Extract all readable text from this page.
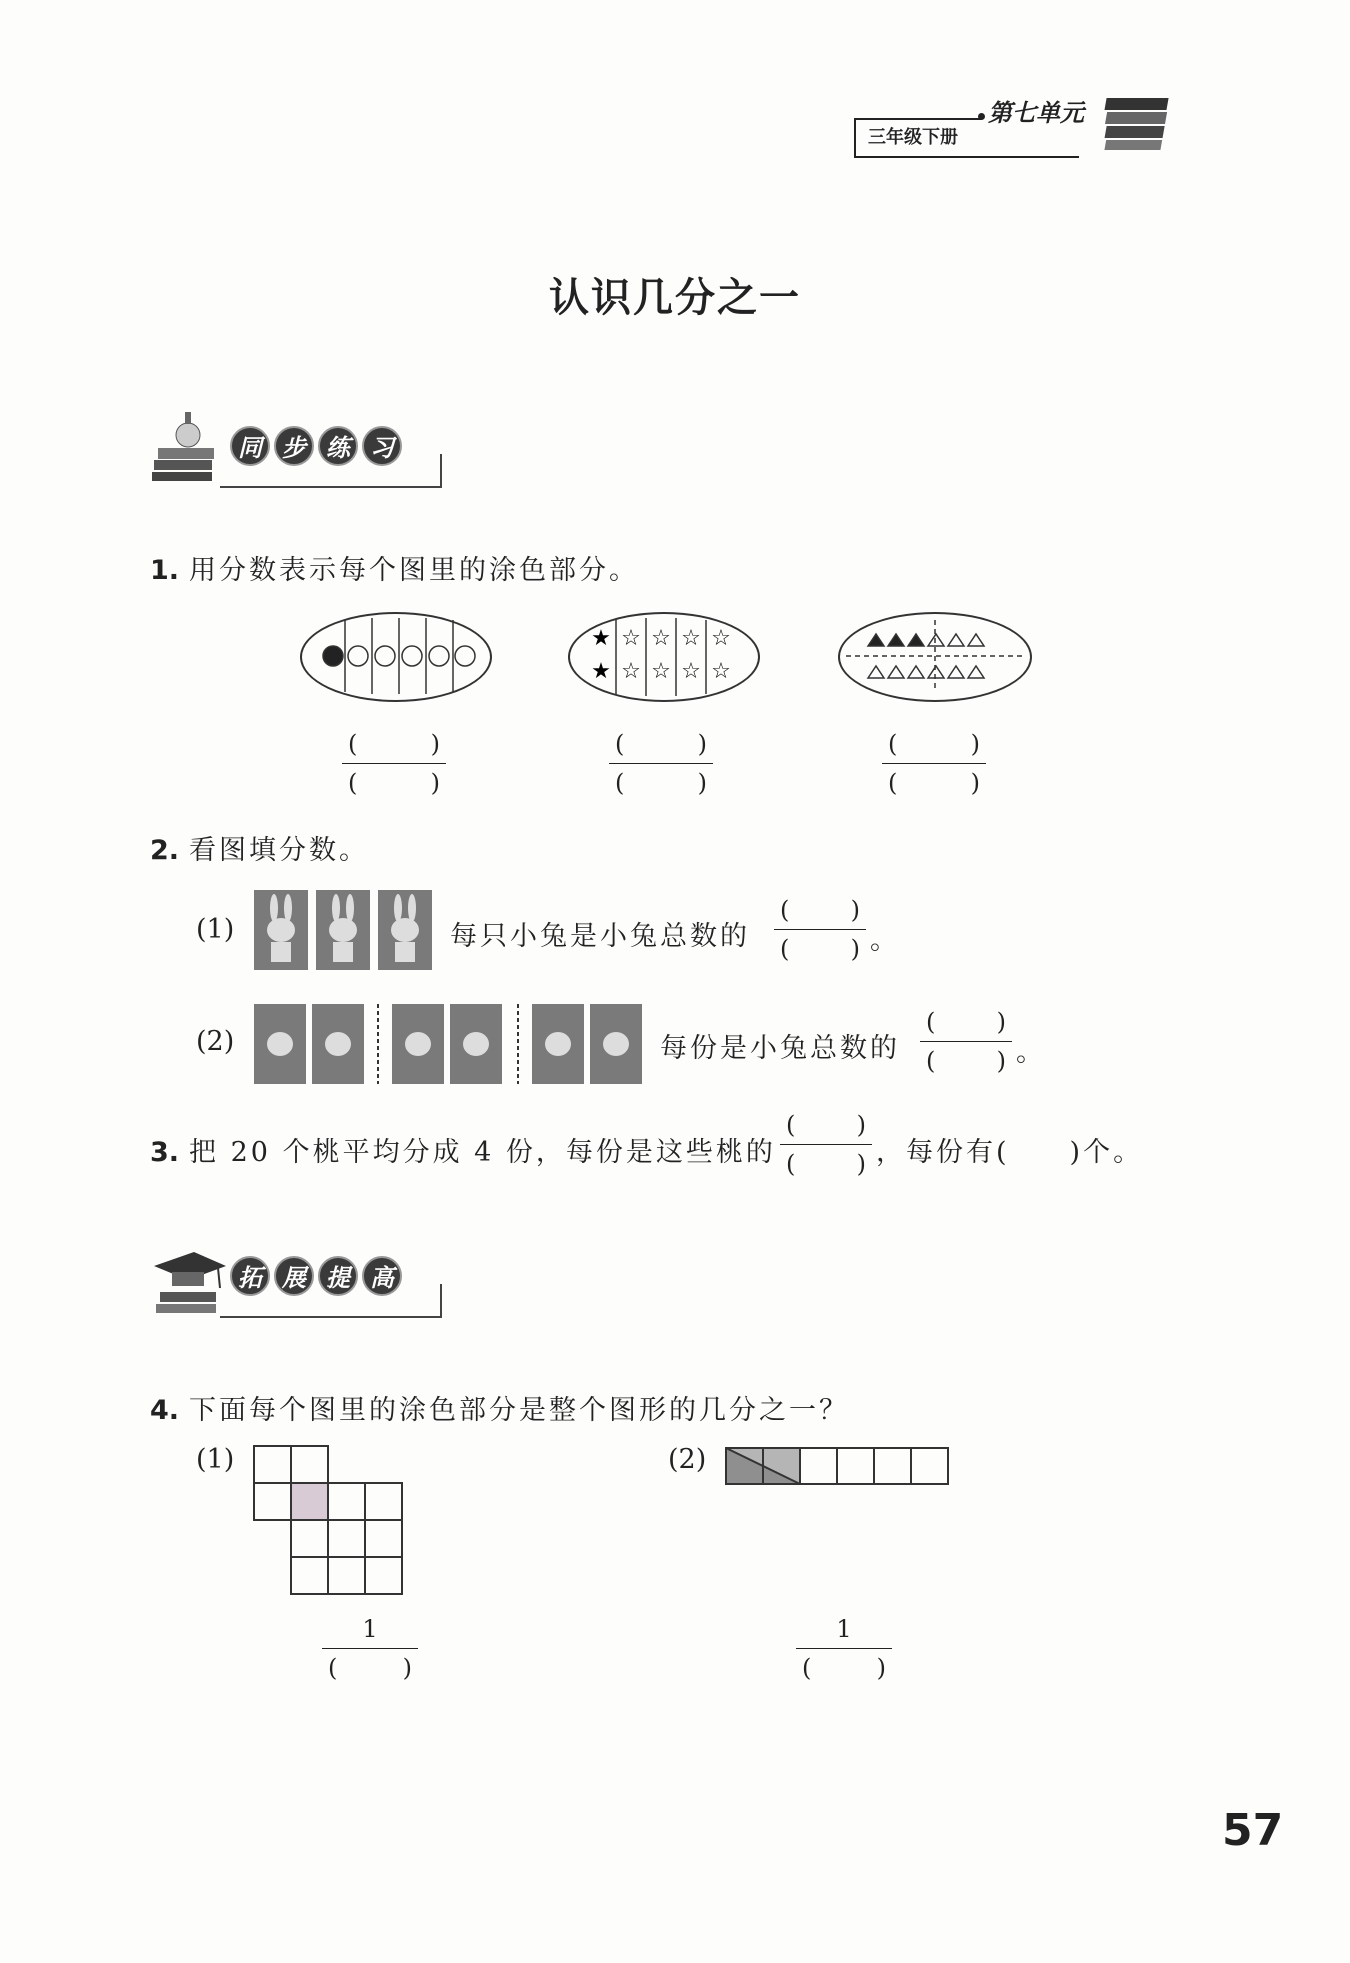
三年级下册
第七单元
认识几分之一
同 步 练 习
1. 用分数表示每个图里的涂色部分。
★ ☆ ☆ ☆ ☆
★ ☆ ☆ ☆ ☆
(	)
(	)
(	)
(	)
(	)
(	)
2. 看图填分数。
(1)	每只小兔是小兔总数的
(	)
(	) 。
(2)	每份是小兔总数的
(	)
(	) 。
3. 把 20 个桃平均分成 4 份，每份是这些桃的
(	)
(	) ，每份有( )个。
拓 展 提 高
4. 下面每个图里的涂色部分是整个图形的几分之一？
(1)
1
(	)
(2)
1
(	)
57
